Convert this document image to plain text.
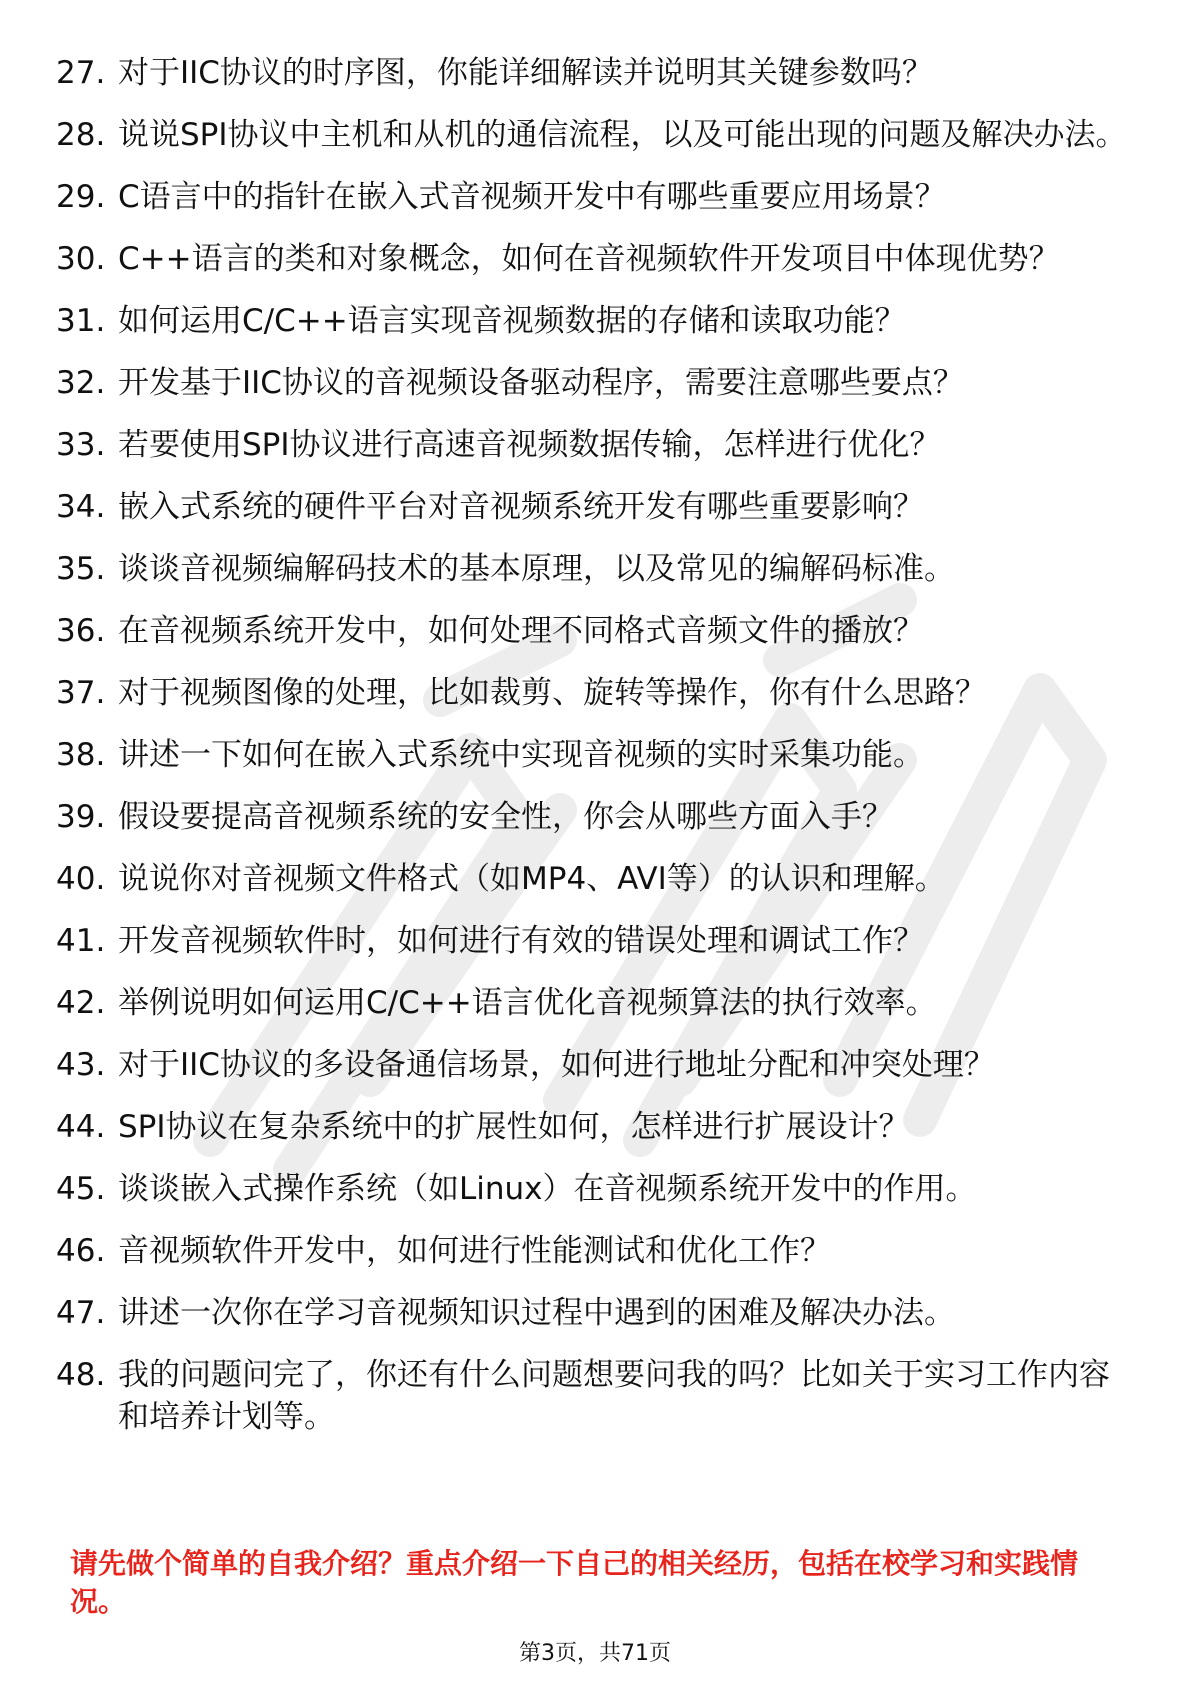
27. 对于IIC协议的时序图，你能详细解读并说明其关键参数吗？
28. 说说SPI协议中主机和从机的通信流程，以及可能出现的问题及解决办法。
29. C语言中的指针在嵌入式音视频开发中有哪些重要应用场景？
30. C++语言的类和对象概念，如何在音视频软件开发项目中体现优势？
31. 如何运用C/C++语言实现音视频数据的存储和读取功能？
32. 开发基于IIC协议的音视频设备驱动程序，需要注意哪些要点？
33. 若要使用SPI协议进行高速音视频数据传输，怎样进行优化？
34. 嵌入式系统的硬件平台对音视频系统开发有哪些重要影响？
35. 谈谈音视频编解码技术的基本原理，以及常见的编解码标准。
36. 在音视频系统开发中，如何处理不同格式音频文件的播放？
37. 对于视频图像的处理，比如裁剪、旋转等操作，你有什么思路？
38. 讲述一下如何在嵌入式系统中实现音视频的实时采集功能。
39. 假设要提高音视频系统的安全性，你会从哪些方面入手？
40. 说说你对音视频文件格式（如MP4、AVI等）的认识和理解。
41. 开发音视频软件时，如何进行有效的错误处理和调试工作？
42. 举例说明如何运用C/C++语言优化音视频算法的执行效率。
43. 对于IIC协议的多设备通信场景，如何进行地址分配和冲突处理？
44. SPI协议在复杂系统中的扩展性如何，怎样进行扩展设计？
45. 谈谈嵌入式操作系统（如Linux）在音视频系统开发中的作用。
46. 音视频软件开发中，如何进行性能测试和优化工作？
47. 讲述一次你在学习音视频知识过程中遇到的困难及解决办法。
48. 我的问题问完了，你还有什么问题想要问我的吗？比如关于实习工作内容和培养计划等。
请先做个简单的自我介绍？重点介绍一下自己的相关经历，包括在校学习和实践情况。
第3页，共71页
